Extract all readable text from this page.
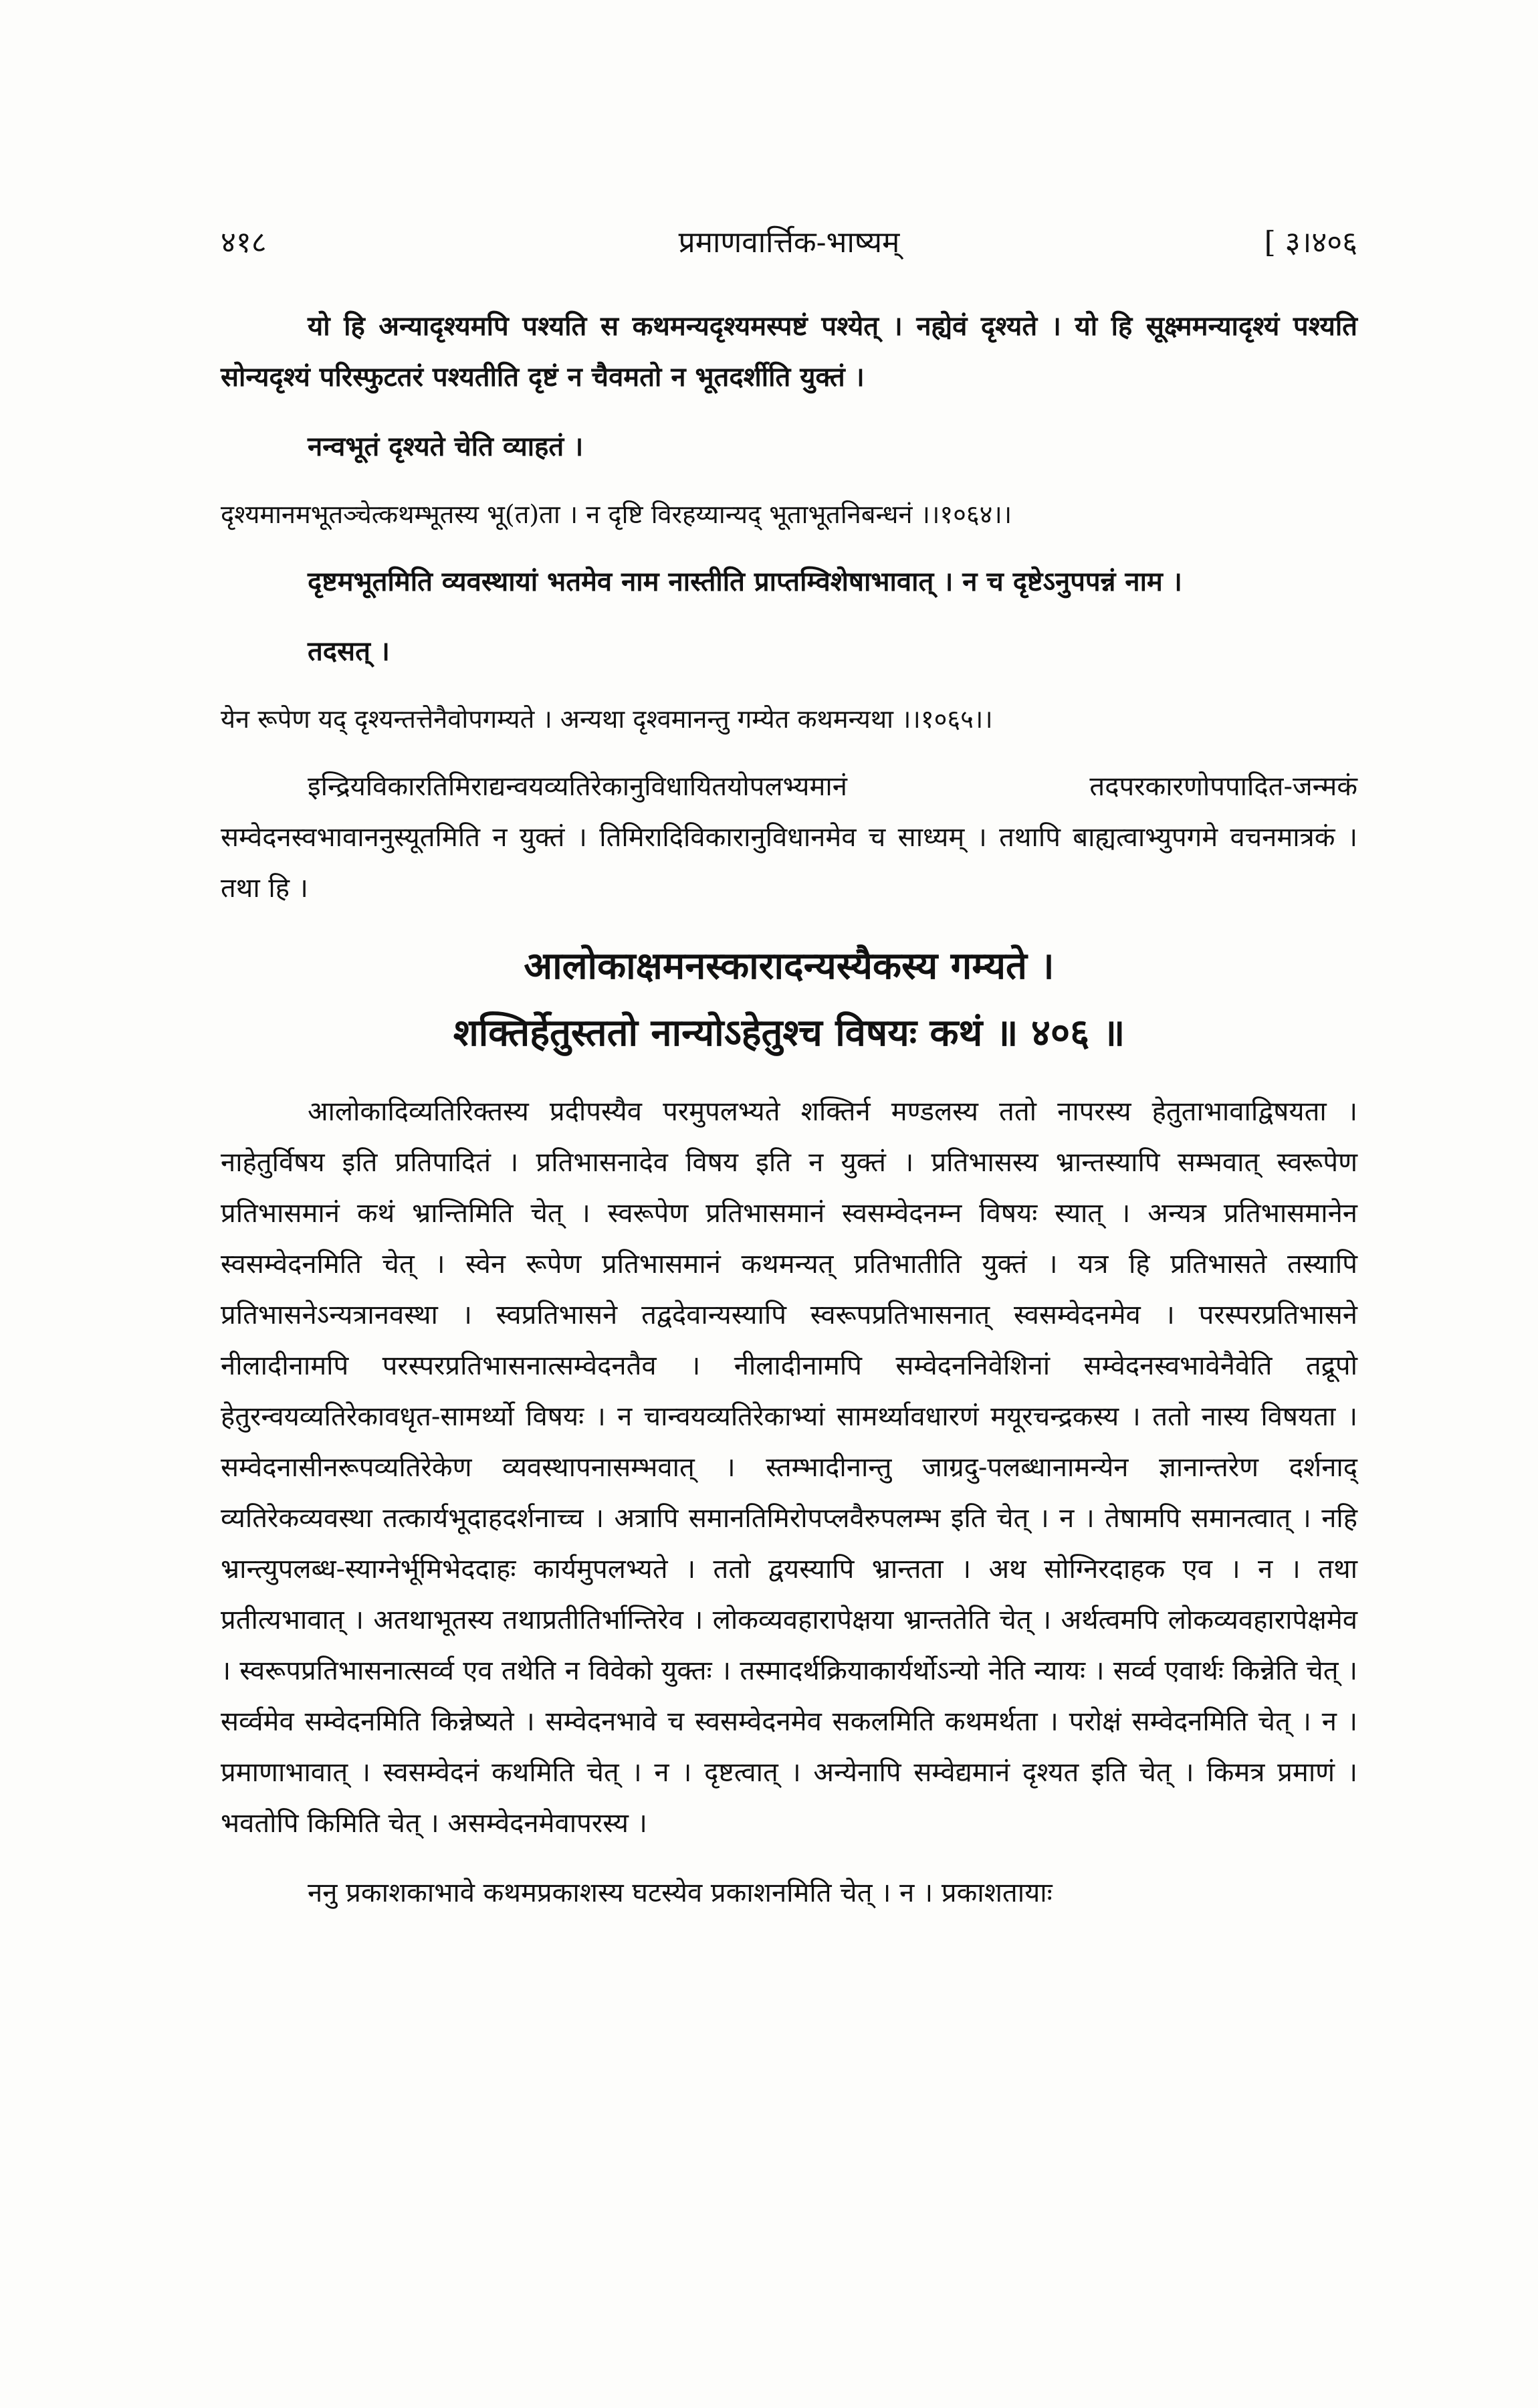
४१८	प्रमाणवार्त्तिक-भाष्यम्	[ ३।४०६

यो हि अन्यादृश्यमपि पश्यति स कथमन्यदृश्यमस्पष्टं पश्येत् । नह्येवं दृश्यते । यो हि सूक्ष्ममन्यादृश्यं पश्यति सोन्यदृश्यं परिस्फुटतरं पश्यतीति दृष्टं न चैवमतो न भूतदर्शीति युक्तं ।

नन्वभूतं दृश्यते चेति व्याहतं ।

दृश्यमानमभूतञ्चेत्कथम्भूतस्य भू(त)ता । न दृष्टि विरहय्यान्यद् भूताभूतनिबन्धनं ।।१०६४।।

दृष्टमभूतमिति व्यवस्थायां भतमेव नाम नास्तीति प्राप्तम्विशेषाभावात् । न च दृष्टेऽनुपपन्नं नाम ।

तदसत् ।

येन रूपेण यद् दृश्यन्तत्तेनैवोपगम्यते । अन्यथा दृश्वमानन्तु गम्येत कथमन्यथा ।।१०६५।।

इन्द्रियविकारतिमिराद्यन्वयव्यतिरेकानुविधायितयोपलभ्यमानं तदपरकारणोपपादित-जन्मकं सम्वेदनस्वभावाननुस्यूतमिति न युक्तं । तिमिरादिविकारानुविधानमेव च साध्यम् । तथापि बाह्यत्वाभ्युपगमे वचनमात्रकं । तथा हि ।

आलोकाक्षमनस्कारादन्यस्यैकस्य गम्यते ।
शक्तिर्हेतुस्ततो नान्योऽहेतुश्च विषयः कथं ॥ ४०६ ॥

आलोकादिव्यतिरिक्तस्य प्रदीपस्यैव परमुपलभ्यते शक्तिर्न मण्डलस्य ततो नापरस्य हेतुताभावाद्विषयता । नाहेतुर्विषय इति प्रतिपादितं । प्रतिभासनादेव विषय इति न युक्तं । प्रतिभासस्य भ्रान्तस्यापि सम्भवात् स्वरूपेण प्रतिभासमानं कथं भ्रान्तिमिति चेत् । स्वरूपेण प्रतिभासमानं स्वसम्वेदनम्न विषयः स्यात् । अन्यत्र प्रतिभासमानेन स्वसम्वेदनमिति चेत् । स्वेन रूपेण प्रतिभासमानं कथमन्यत् प्रतिभातीति युक्तं । यत्र हि प्रतिभासते तस्यापि प्रतिभासनेऽन्यत्रानवस्था । स्वप्रतिभासने तद्वदेवान्यस्यापि स्वरूपप्रतिभासनात् स्वसम्वेदनमेव । परस्परप्रतिभासने नीलादीनामपि परस्परप्रतिभासनात्सम्वेदनतैव । नीलादीनामपि सम्वेदननिवेशिनां सम्वेदनस्वभावेनैवेति तद्रूपो हेतुरन्वयव्यतिरेकावधृत-सामर्थ्यो विषयः । न चान्वयव्यतिरेकाभ्यां सामर्थ्यावधारणं मयूरचन्द्रकस्य । ततो नास्य विषयता । सम्वेदनासीनरूपव्यतिरेकेण व्यवस्थापनासम्भवात् । स्तम्भादीनान्तु जाग्रदु-पलब्धानामन्येन ज्ञानान्तरेण दर्शनाद् व्यतिरेकव्यवस्था तत्कार्यभूदाहदर्शनाच्च । अत्रापि समानतिमिरोपप्लवैरुपलम्भ इति चेत् । न । तेषामपि समानत्वात् । नहि भ्रान्त्युपलब्ध-स्याग्नेर्भूमिभेददाहः कार्यमुपलभ्यते । ततो द्वयस्यापि भ्रान्तता । अथ सोग्निरदाहक एव । न । तथा प्रतीत्यभावात् । अतथाभूतस्य तथाप्रतीतिर्भान्तिरेव । लोकव्यवहारापेक्षया भ्रान्ततेति चेत् । अर्थत्वमपि लोकव्यवहारापेक्षमेव । स्वरूपप्रतिभासनात्सर्व्व एव तथेति न विवेको युक्तः । तस्मादर्थक्रियाकार्यर्थोऽन्यो नेति न्यायः । सर्व्व एवार्थः किन्नेति चेत् । सर्व्वमेव सम्वेदनमिति किन्नेष्यते । सम्वेदनभावे च स्वसम्वेदनमेव सकलमिति कथमर्थता । परोक्षं सम्वेदनमिति चेत् । न । प्रमाणाभावात् । स्वसम्वेदनं कथमिति चेत् । न । दृष्टत्वात् । अन्येनापि सम्वेद्यमानं दृश्यत इति चेत् । किमत्र प्रमाणं । भवतोपि किमिति चेत् । असम्वेदनमेवापरस्य ।

ननु प्रकाशकाभावे कथमप्रकाशस्य घटस्येव प्रकाशनमिति चेत् । न । प्रकाशतायाः
